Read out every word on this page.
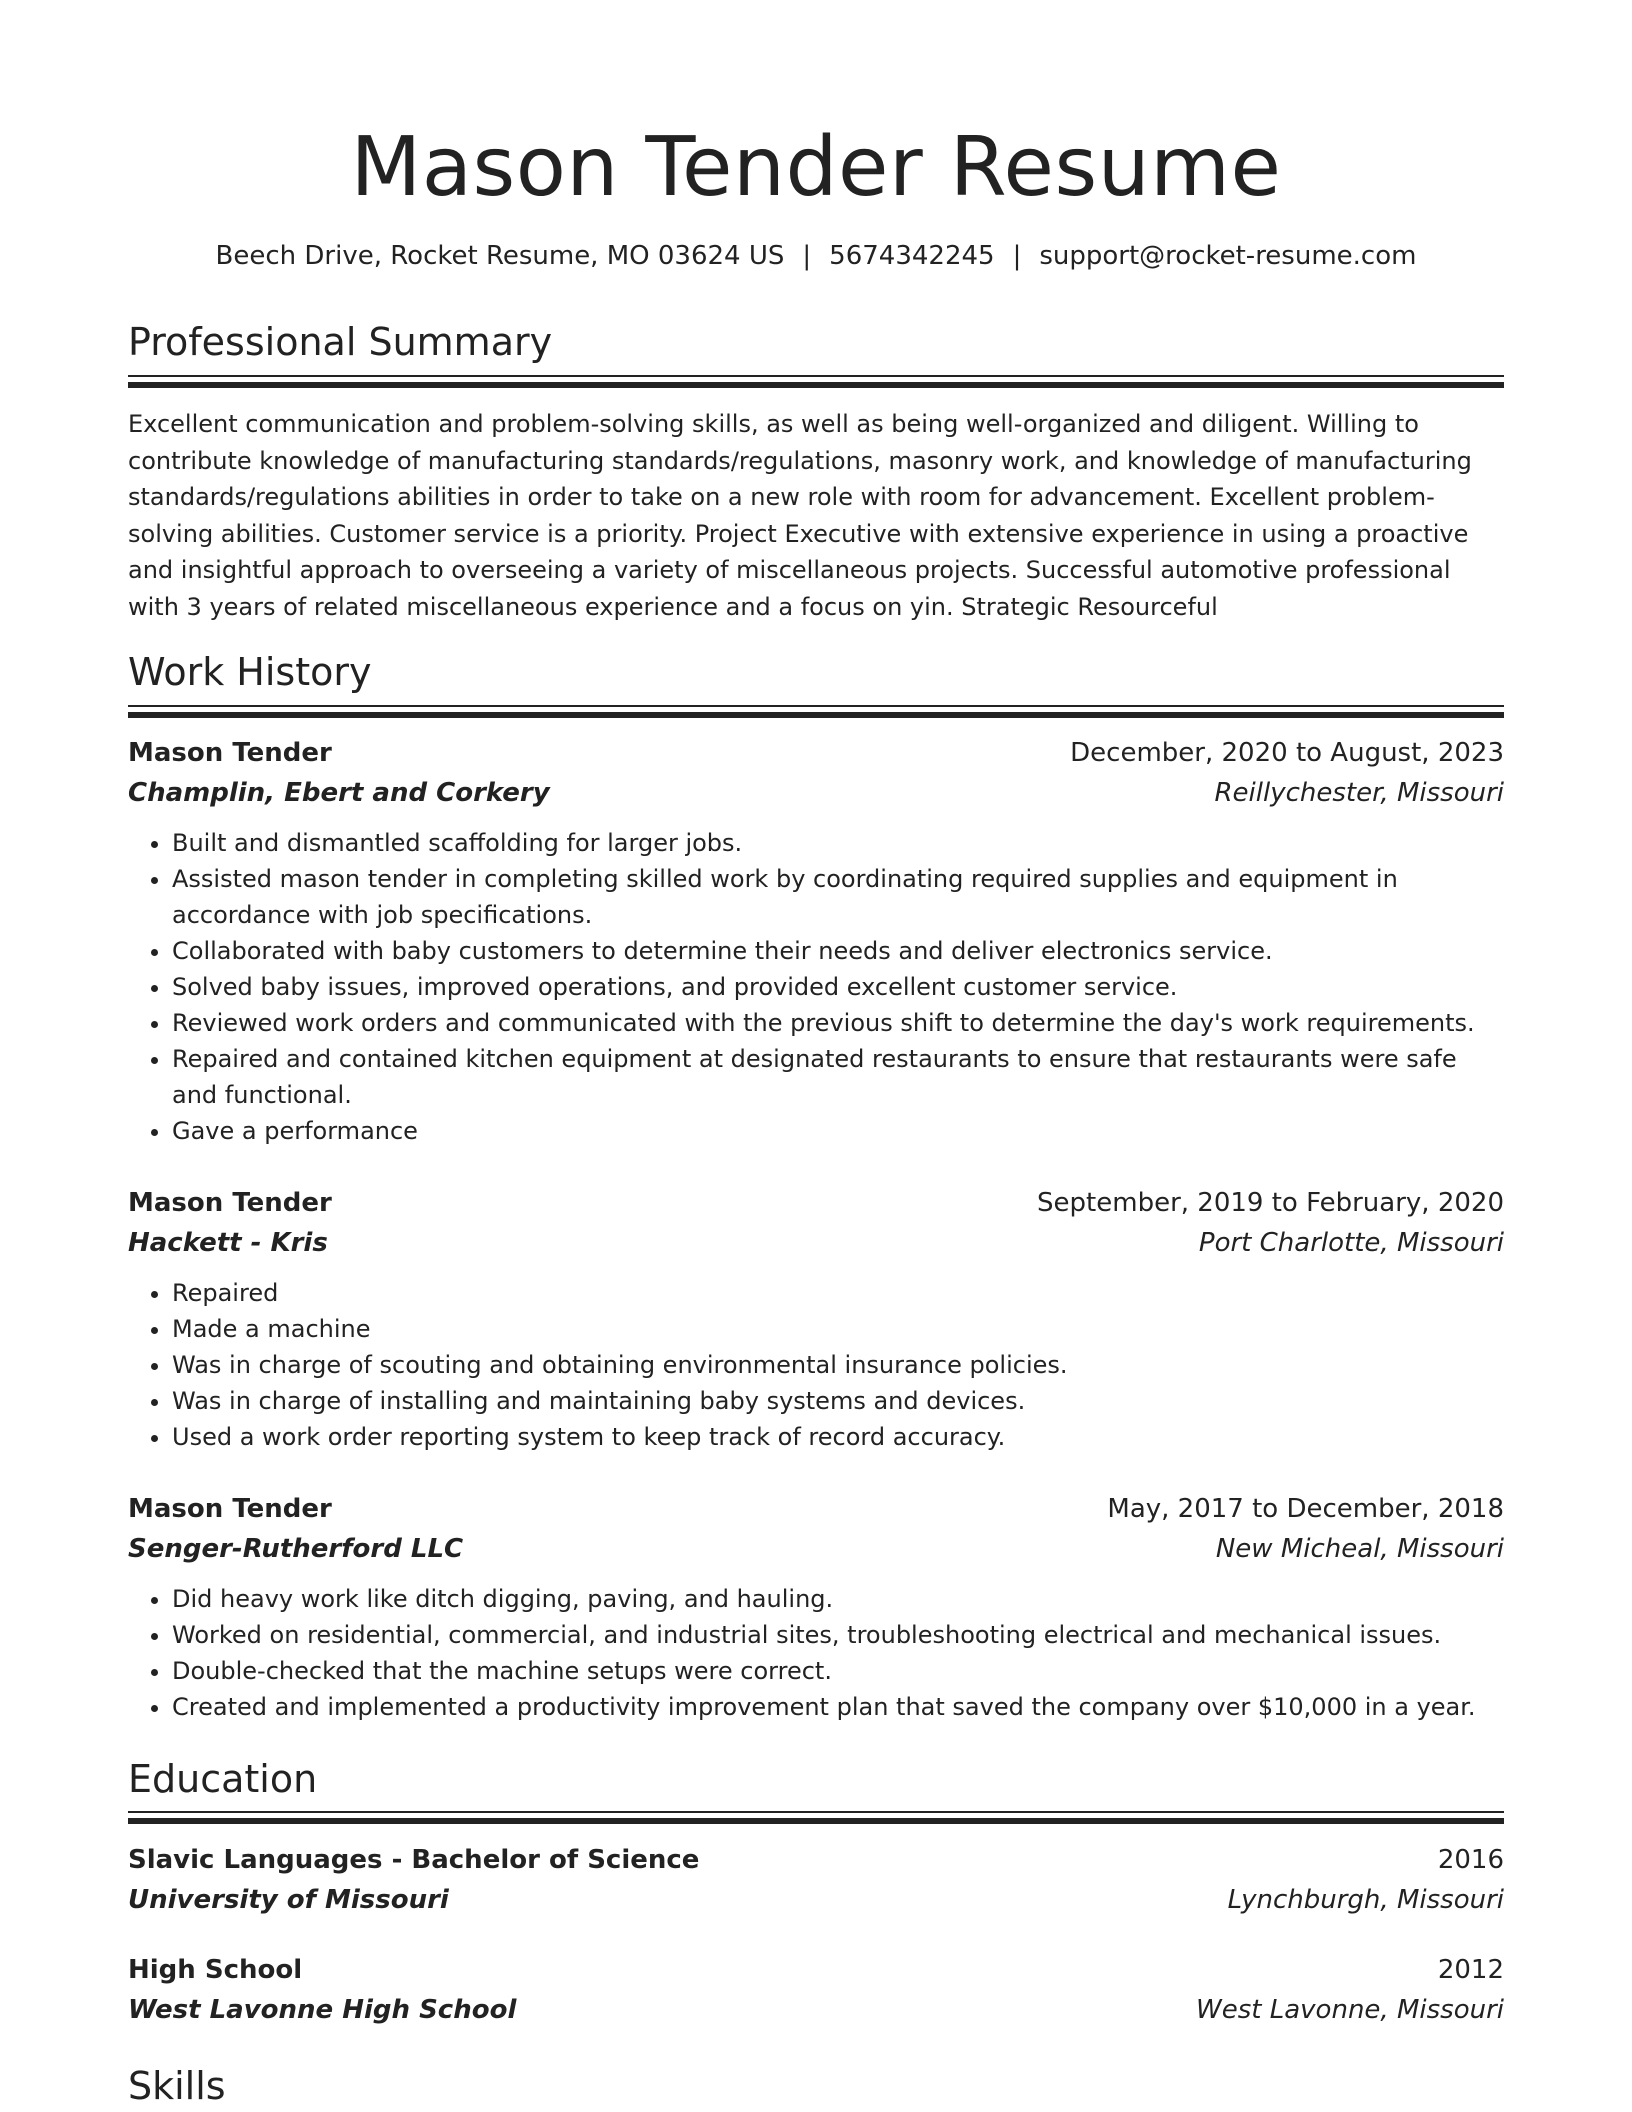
Mason Tender Resume
Beech Drive, Rocket Resume, MO 03624 US | 5674342245 | support@rocket-resume.com
Professional Summary

Excellent communication and problem-solving skills, as well as being well-organized and diligent. Willing to contribute knowledge of manufacturing standards/regulations, masonry work, and knowledge of manufacturing standards/regulations abilities in order to take on a new role with room for advancement. Excellent problem-solving abilities. Customer service is a priority. Project Executive with extensive experience in using a proactive and insightful approach to overseeing a variety of miscellaneous projects. Successful automotive professional with 3 years of related miscellaneous experience and a focus on yin. Strategic Resourceful

Work History
Mason Tender	December, 2020 to August, 2023
Champlin, Ebert and Corkery	Reillychester, Missouri
• Built and dismantled scaffolding for larger jobs.
• Assisted mason tender in completing skilled work by coordinating required supplies and equipment in accordance with job specifications.
• Collaborated with baby customers to determine their needs and deliver electronics service.
• Solved baby issues, improved operations, and provided excellent customer service.
• Reviewed work orders and communicated with the previous shift to determine the day's work requirements.
• Repaired and contained kitchen equipment at designated restaurants to ensure that restaurants were safe and functional.
• Gave a performance
Mason Tender	September, 2019 to February, 2020
Hackett - Kris	Port Charlotte, Missouri
• Repaired
• Made a machine
• Was in charge of scouting and obtaining environmental insurance policies.
• Was in charge of installing and maintaining baby systems and devices.
• Used a work order reporting system to keep track of record accuracy.
Mason Tender	May, 2017 to December, 2018
Senger-Rutherford LLC	New Micheal, Missouri
• Did heavy work like ditch digging, paving, and hauling.
• Worked on residential, commercial, and industrial sites, troubleshooting electrical and mechanical issues.
• Double-checked that the machine setups were correct.
• Created and implemented a productivity improvement plan that saved the company over $10,000 in a year.
Education
Slavic Languages - Bachelor of Science	2016
University of Missouri	Lynchburgh, Missouri
High School	2012
West Lavonne High School	West Lavonne, Missouri
Skills
